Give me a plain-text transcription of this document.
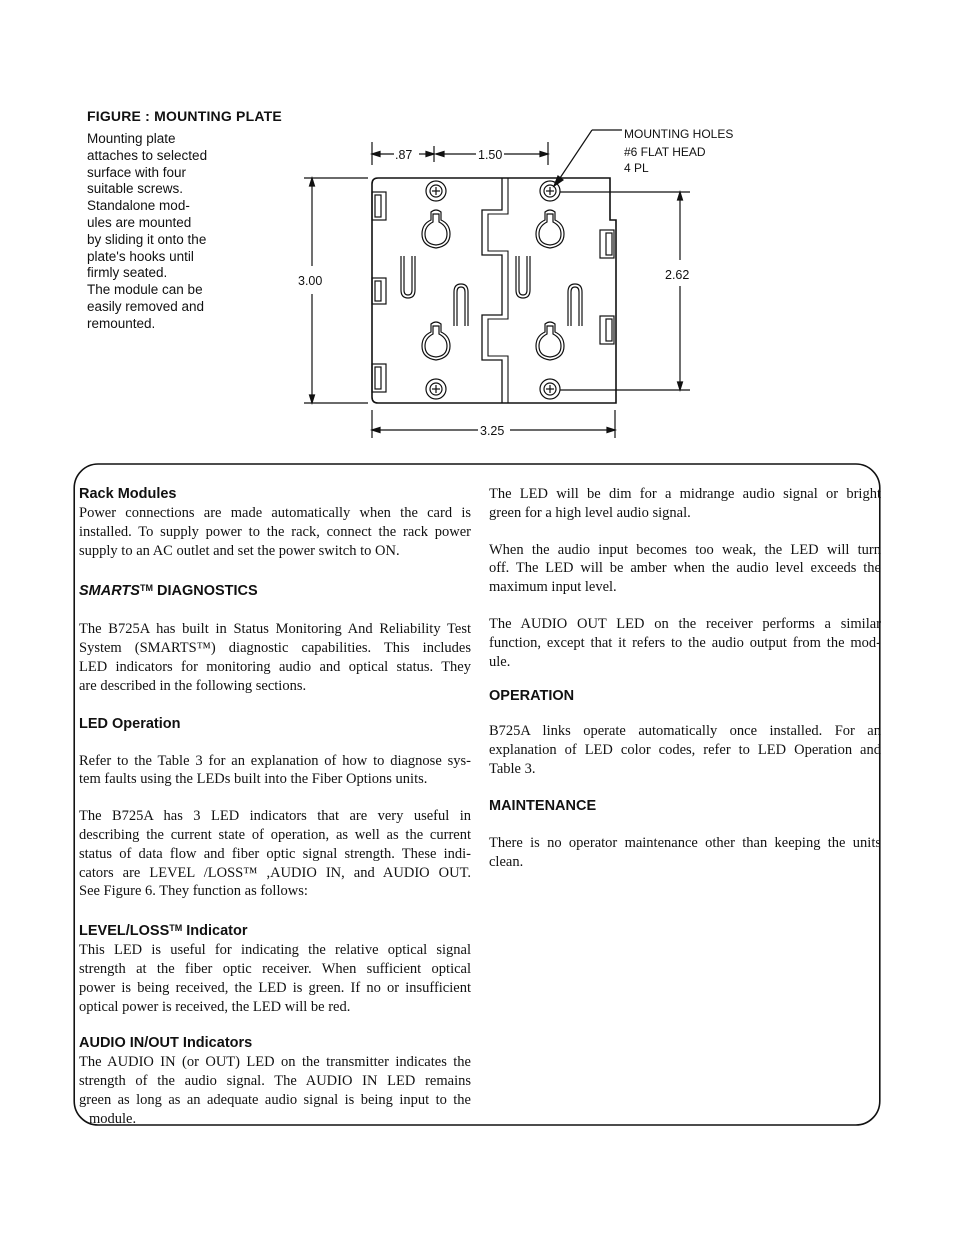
FIGURE : MOUNTING PLATE
Mounting plate
attaches to selected
surface with four
suitable screws.
Standalone mod-
ules are mounted
by sliding it onto the
plate's hooks until
firmly seated.
The module can be
easily removed and
remounted.
.87	1.50
3.00	2.62
3.25
MOUNTING HOLES
#6 FLAT HEAD
4 PL
Rack Modules
Power connections are made automatically when the card is
installed. To supply power to the rack, connect the rack power
supply to an AC outlet and set the power switch to ON.
SMARTS™ DIAGNOSTICS
The B725A has built in Status Monitoring And Reliability Test
System (SMARTS™) diagnostic capabilities. This includes
LED indicators for monitoring audio and optical status. They
are described in the following sections.
LED Operation
Refer to the Table 3 for an explanation of how to diagnose sys-
tem faults using the LEDs built into the Fiber Options units.
The B725A has 3 LED indicators that are very useful in
describing the current state of operation, as well as the current
status of data flow and fiber optic signal strength. These indi-
cators are LEVEL /LOSS™ ,AUDIO IN, and AUDIO OUT.
See Figure 6. They function as follows:
LEVEL/LOSS™ Indicator
This LED is useful for indicating the relative optical signal
strength at the fiber optic receiver. When sufficient optical
power is being received, the LED is green. If no or insufficient
optical power is received, the LED will be red.
AUDIO IN/OUT Indicators
The AUDIO IN (or OUT) LED on the transmitter indicates the
strength of the audio signal. The AUDIO IN LED remains
green as long as an adequate audio signal is being input to the
module.
The LED will be dim for a midrange audio signal or bright
green for a high level audio signal.
When the audio input becomes too weak, the LED will turn
off. The LED will be amber when the audio level exceeds the
maximum input level.
The AUDIO OUT LED on the receiver performs a similar
function, except that it refers to the audio output from the mod-
ule.
OPERATION
B725A links operate automatically once installed. For an
explanation of LED color codes, refer to LED Operation and
Table 3.
MAINTENANCE
There is no operator maintenance other than keeping the units
clean.
